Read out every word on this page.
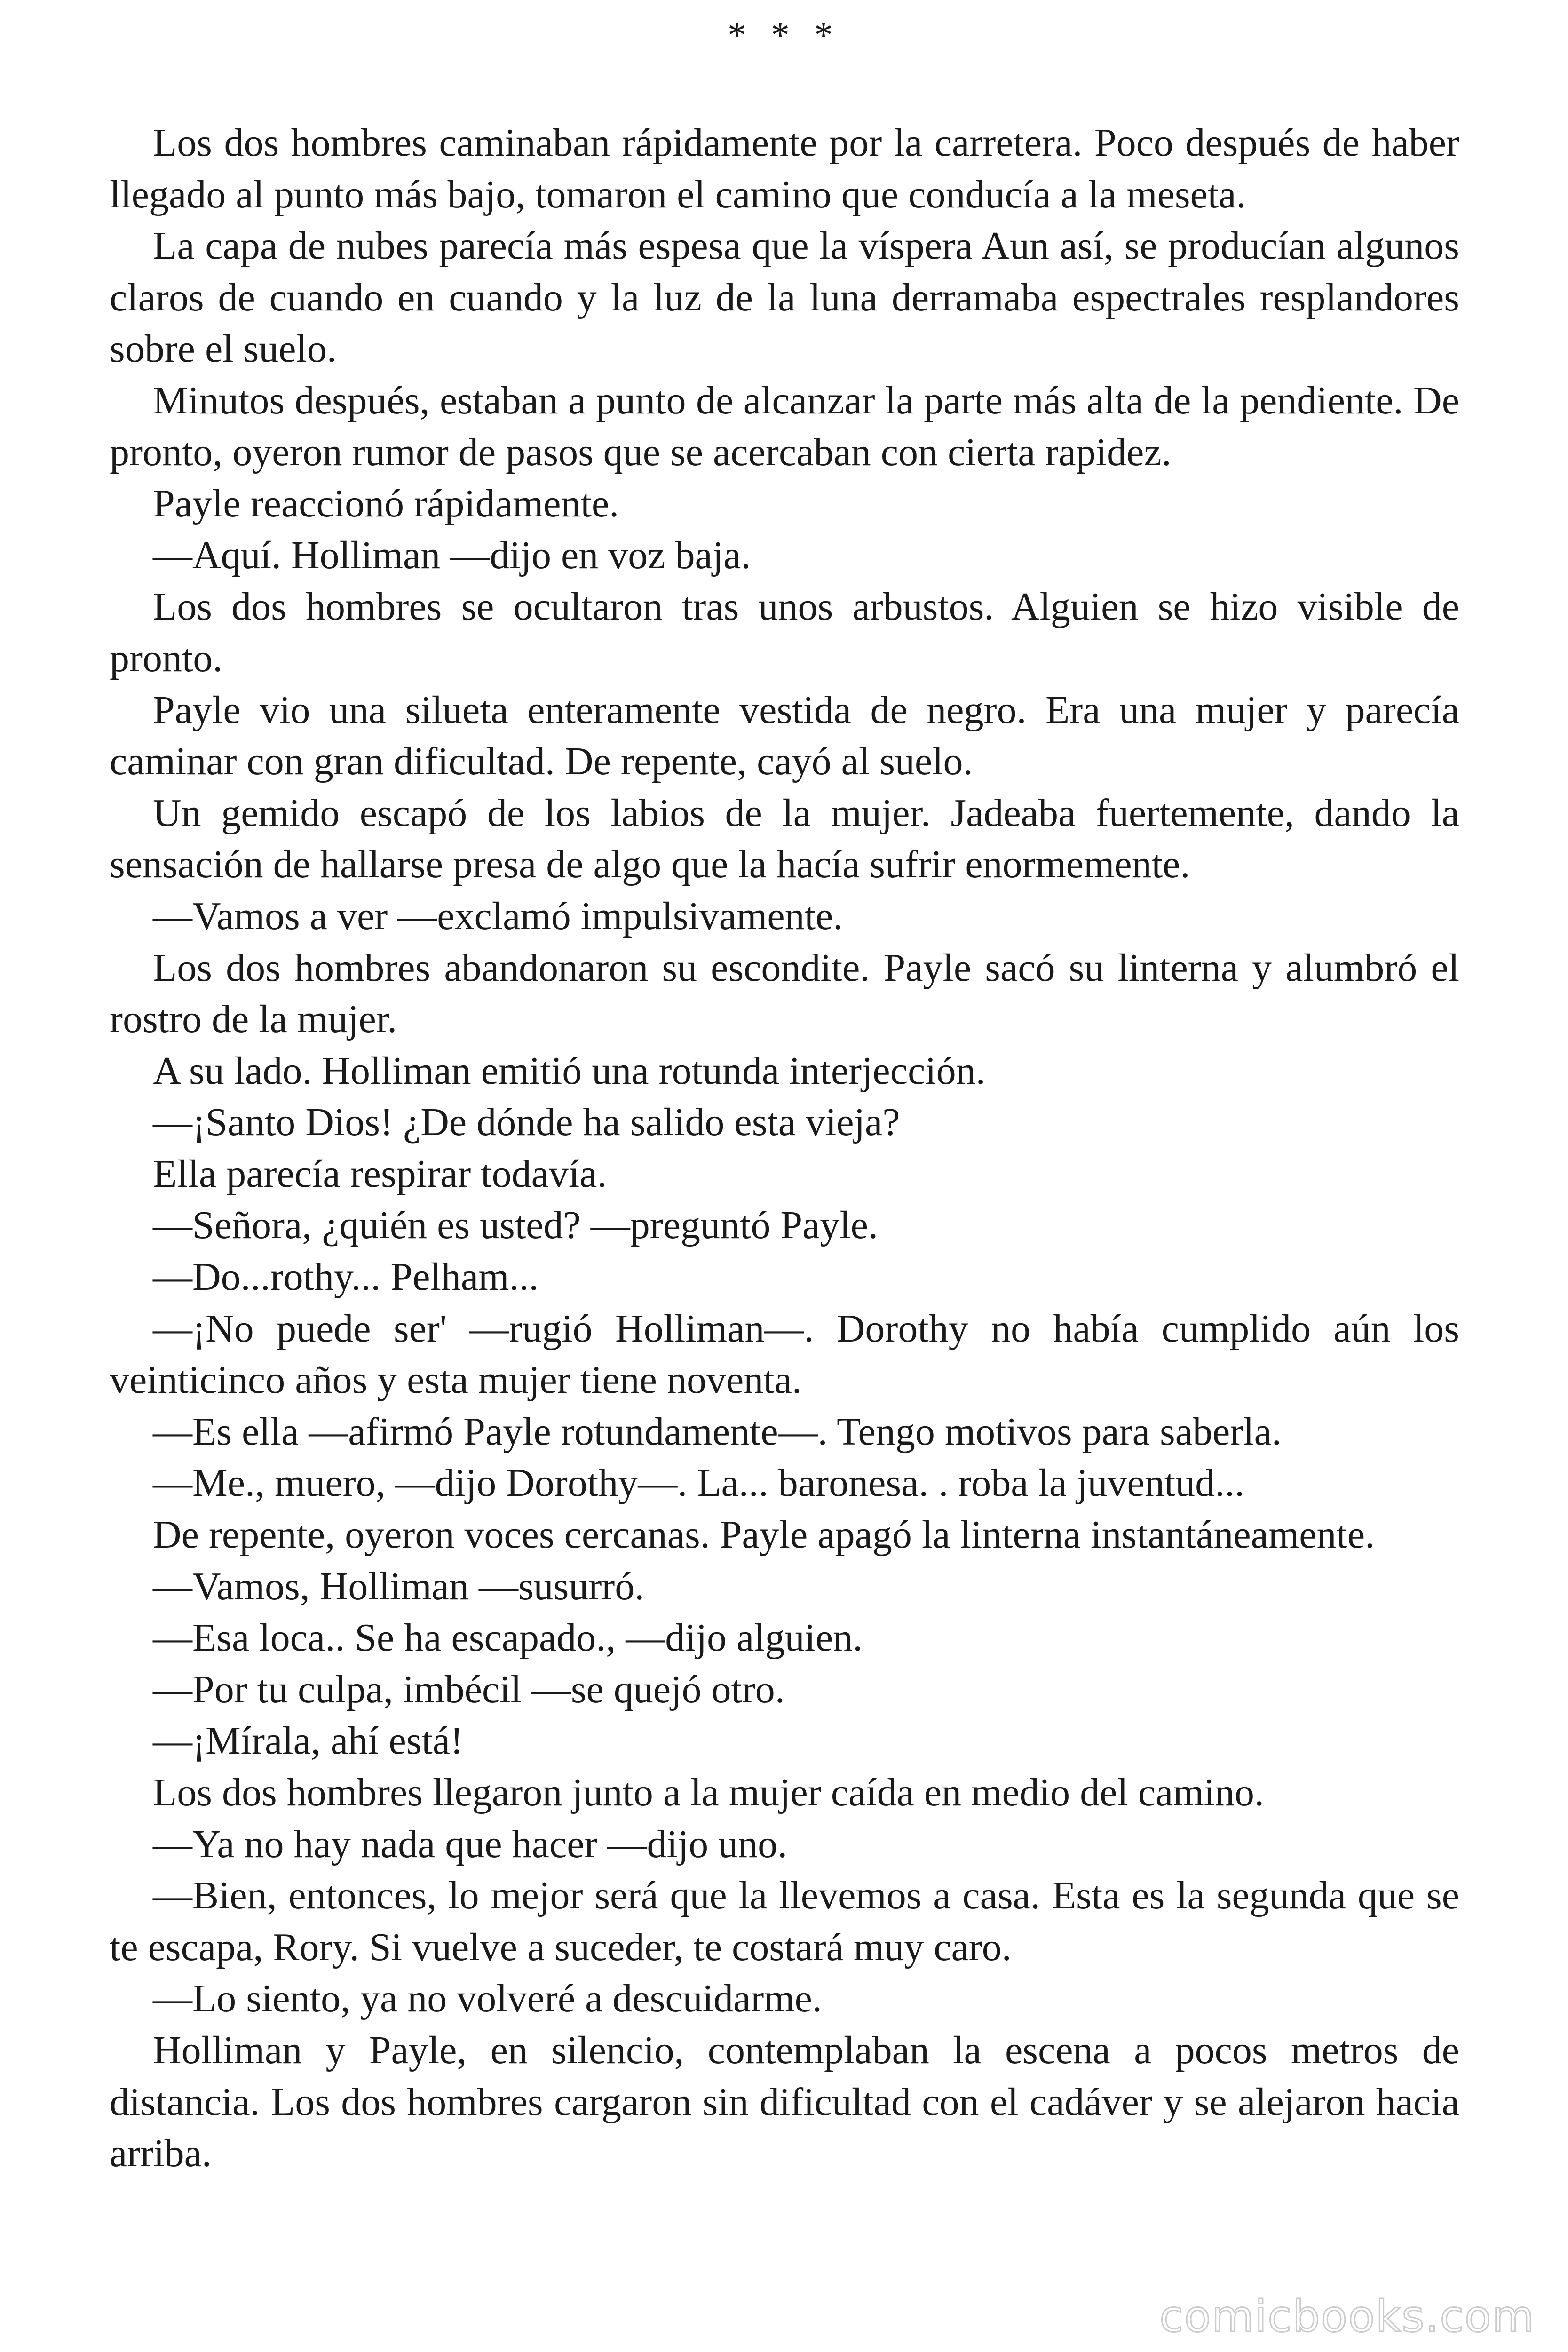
* * *

Los dos hombres caminaban rápidamente por la carretera. Poco después de haber llegado al punto más bajo, tomaron el camino que conducía a la meseta.

La capa de nubes parecía más espesa que la víspera Aun así, se producían algunos claros de cuando en cuando y la luz de la luna derramaba espectrales resplandores sobre el suelo.

Minutos después, estaban a punto de alcanzar la parte más alta de la pendiente. De pronto, oyeron rumor de pasos que se acercaban con cierta rapidez.

Payle reaccionó rápidamente.

—Aquí. Holliman —dijo en voz baja.

Los dos hombres se ocultaron tras unos arbustos. Alguien se hizo visible de pronto.

Payle vio una silueta enteramente vestida de negro. Era una mujer y parecía caminar con gran dificultad. De repente, cayó al suelo.

Un gemido escapó de los labios de la mujer. Jadeaba fuertemente, dando la sensación de hallarse presa de algo que la hacía sufrir enormemente.

—Vamos a ver —exclamó impulsivamente.

Los dos hombres abandonaron su escondite. Payle sacó su linterna y alumbró el rostro de la mujer.

A su lado. Holliman emitió una rotunda interjección.

—¡Santo Dios! ¿De dónde ha salido esta vieja?

Ella parecía respirar todavía.

—Señora, ¿quién es usted? —preguntó Payle.

—Do...rothy... Pelham...

—¡No puede ser' —rugió Holliman—. Dorothy no había cumplido aún los veinticinco años y esta mujer tiene noventa.

—Es ella —afirmó Payle rotundamente—. Tengo motivos para saberla.

—Me., muero, —dijo Dorothy—. La... baronesa. . roba la juventud...

De repente, oyeron voces cercanas. Payle apagó la linterna instantáneamente.

—Vamos, Holliman —susurró.

—Esa loca.. Se ha escapado., —dijo alguien.

—Por tu culpa, imbécil —se quejó otro.

—¡Mírala, ahí está!

Los dos hombres llegaron junto a la mujer caída en medio del camino.

—Ya no hay nada que hacer —dijo uno.

—Bien, entonces, lo mejor será que la llevemos a casa. Esta es la segunda que se te escapa, Rory. Si vuelve a suceder, te costará muy caro.

—Lo siento, ya no volveré a descuidarme.

Holliman y Payle, en silencio, contemplaban la escena a pocos metros de distancia. Los dos hombres cargaron sin dificultad con el cadáver y se alejaron hacia arriba.

comicbooks.com
